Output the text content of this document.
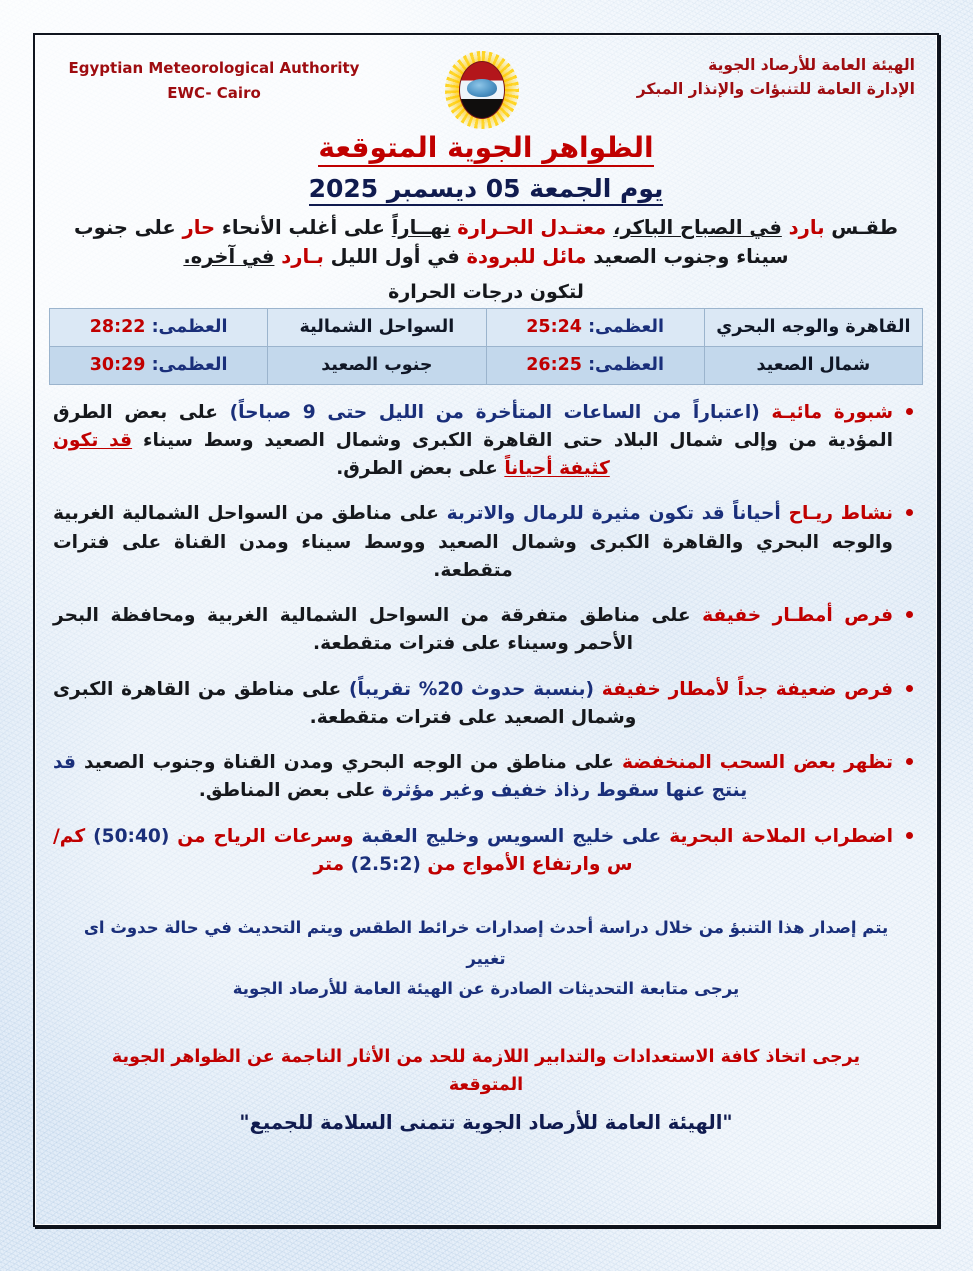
الهيئة العامة للأرصاد الجوية
الإدارة العامة للتنبؤات والإنذار المبكر
Egyptian Meteorological Authority
EWC- Cairo
الظواهر الجوية المتوقعة
يوم الجمعة 05 ديسمبر 2025
طقـس بارد في الصباح الباكر، معتـدل الحـرارة نهــاراً على أغلب الأنحاء حار على جنوب سيناء وجنوب الصعيد مائل للبرودة في أول الليل بـارد في آخره.
لتكون درجات الحرارة
القاهرة والوجه البحري	العظمى: 25:24	السواحل الشمالية	العظمى: 28:22
شمال الصعيد	العظمى: 26:25	جنوب الصعيد	العظمى: 30:29
شبورة مائيـة (اعتباراً من الساعات المتأخرة من الليل حتى 9 صباحاً) على بعض الطرق المؤدية من وإلى شمال البلاد حتى القاهرة الكبرى وشمال الصعيد وسط سيناء قد تكون كثيفة أحياناً على بعض الطرق.
نشاط ريـاح أحياناً قد تكون مثيرة للرمال والاتربة على مناطق من السواحل الشمالية الغربية والوجه البحري والقاهرة الكبرى وشمال الصعيد ووسط سيناء ومدن القناة على فترات متقطعة.
فرص أمطـار خفيفة على مناطق متفرقة من السواحل الشمالية الغربية ومحافظة البحر الأحمر وسيناء على فترات متقطعة.
فرص ضعيفة جداً لأمطار خفيفة (بنسبة حدوث 20% تقريباً) على مناطق من القاهرة الكبرى وشمال الصعيد على فترات متقطعة.
تظهر بعض السحب المنخفضة على مناطق من الوجه البحري ومدن القناة وجنوب الصعيد قد ينتج عنها سقوط رذاذ خفيف وغير مؤثرة على بعض المناطق.
اضطراب الملاحة البحرية على خليج السويس وخليج العقبة وسرعات الرياح من (50:40) كم/ س وارتفاع الأمواج من (2.5:2) متر
يتم إصدار هذا التنبؤ من خلال دراسة أحدث إصدارات خرائط الطقس ويتم التحديث في حالة حدوث اى تغيير
يرجى متابعة التحديثات الصادرة عن الهيئة العامة للأرصاد الجوية
يرجى اتخاذ كافة الاستعدادات والتدابير اللازمة للحد من الأثار الناجمة عن الظواهر الجوية المتوقعة
"الهيئة العامة للأرصاد الجوية تتمنى السلامة للجميع"
